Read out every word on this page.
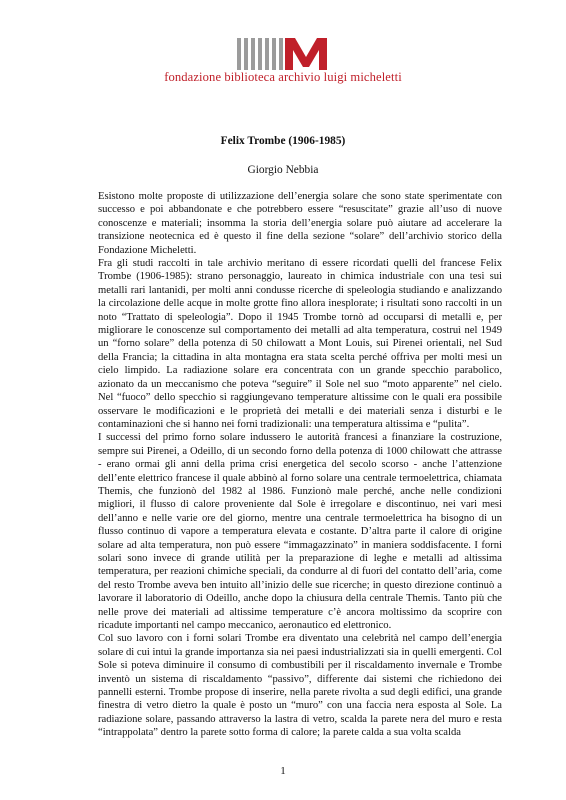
fondazione biblioteca archivio luigi micheletti
Felix Trombe (1906-1985)
Giorgio Nebbia

Esistono molte proposte di utilizzazione dell’energia solare che sono state sperimentate con successo e poi abbandonate e che potrebbero essere “resuscitate” grazie all’uso di nuove conoscenze e materiali; insomma la storia dell’energia solare può aiutare ad accelerare la transizione neotecnica ed è questo il fine della sezione “solare” dell’archivio storico della Fondazione Micheletti.

Fra gli studi raccolti in tale archivio meritano di essere ricordati quelli del francese Felix Trombe (1906-1985): strano personaggio, laureato in chimica industriale con una tesi sui metalli rari lantanidi, per molti anni condusse ricerche di speleologia studiando e analizzando la circolazione delle acque in molte grotte fino allora inesplorate; i risultati sono raccolti in un noto “Trattato di speleologia”. Dopo il 1945 Trombe tornò ad occuparsi di metalli e, per migliorare le conoscenze sul comportamento dei metalli ad alta temperatura, costruì nel 1949 un “forno solare” della potenza di 50 chilowatt a Mont Louis, sui Pirenei orientali, nel Sud della Francia; la cittadina in alta montagna era stata scelta perché offriva per molti mesi un cielo limpido. La radiazione solare era concentrata con un grande specchio parabolico, azionato da un meccanismo che poteva “seguire” il Sole nel suo “moto apparente” nel cielo. Nel “fuoco” dello specchio si raggiungevano temperature altissime con le quali era possibile osservare le modificazioni e le proprietà dei metalli e dei materiali senza i disturbi e le contaminazioni che si hanno nei forni tradizionali: una temperatura altissima e “pulita”.

I successi del primo forno solare indussero le autorità francesi a finanziare la costruzione, sempre sui Pirenei, a Odeillo, di un secondo forno della potenza di 1000 chilowatt che attrasse - erano ormai gli anni della prima crisi energetica del secolo scorso - anche l’attenzione dell’ente elettrico francese il quale abbinò al forno solare una centrale termoelettrica, chiamata Themis, che funzionò del 1982 al 1986. Funzionò male perché, anche nelle condizioni migliori, il flusso di calore proveniente dal Sole è irregolare e discontinuo, nei vari mesi dell’anno e nelle varie ore del giorno, mentre una centrale termoelettrica ha bisogno di un flusso continuo di vapore a temperatura elevata e costante. D’altra parte il calore di origine solare ad alta temperatura, non può essere “immagazzinato” in maniera soddisfacente. I forni solari sono invece di grande utilità per la preparazione di leghe e metalli ad altissima temperatura, per reazioni chimiche speciali, da condurre al di fuori del contatto dell’aria, come del resto Trombe aveva ben intuito all’inizio delle sue ricerche; in questo direzione continuò a lavorare il laboratorio di Odeillo, anche dopo la chiusura della centrale Themis. Tanto più che nelle prove dei materiali ad altissime temperature c’è ancora moltissimo da scoprire con ricadute importanti nel campo meccanico, aeronautico ed elettronico.

Col suo lavoro con i forni solari Trombe era diventato una celebrità nel campo dell’energia solare di cui intuì la grande importanza sia nei paesi industrializzati sia in quelli emergenti. Col Sole si poteva diminuire il consumo di combustibili per il riscaldamento invernale e Trombe inventò un sistema di riscaldamento “passivo”, differente dai sistemi che richiedono dei pannelli esterni. Trombe propose di inserire, nella parete rivolta a sud degli edifici, una grande finestra di vetro dietro la quale è posto un “muro” con una faccia nera esposta al Sole. La radiazione solare, passando attraverso la lastra di vetro, scalda la parete nera del muro e resta “intrappolata” dentro la parete sotto forma di calore; la parete calda a sua volta scalda

1
